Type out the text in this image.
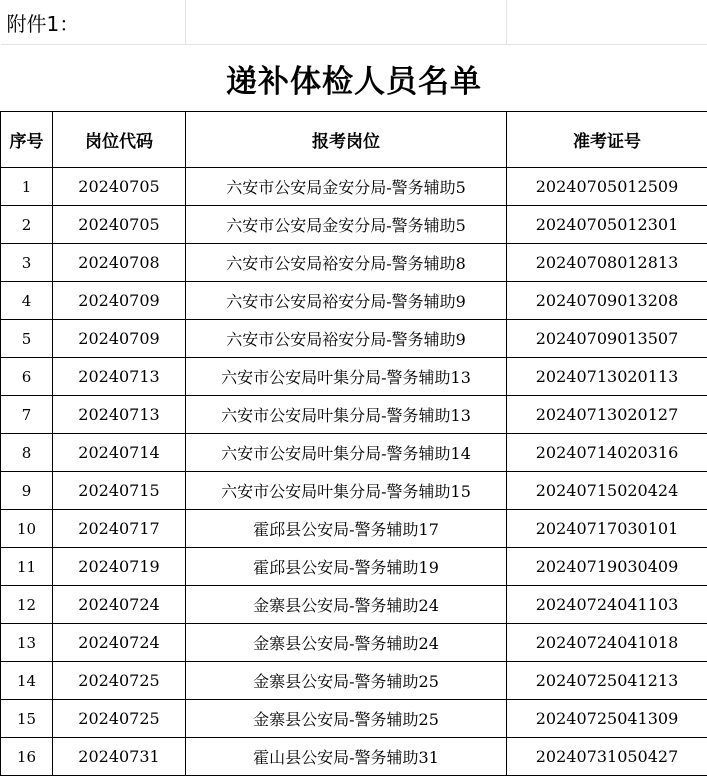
附件1：			
递补体检人员名单			
序号	岗位代码	报考岗位	准考证号
1	20240705	六安市公安局金安分局-警务辅助5	20240705012509
2	20240705	六安市公安局金安分局-警务辅助5	20240705012301
3	20240708	六安市公安局裕安分局-警务辅助8	20240708012813
4	20240709	六安市公安局裕安分局-警务辅助9	20240709013208
5	20240709	六安市公安局裕安分局-警务辅助9	20240709013507
6	20240713	六安市公安局叶集分局-警务辅助13	20240713020113
7	20240713	六安市公安局叶集分局-警务辅助13	20240713020127
8	20240714	六安市公安局叶集分局-警务辅助14	20240714020316
9	20240715	六安市公安局叶集分局-警务辅助15	20240715020424
10	20240717	霍邱县公安局-警务辅助17	20240717030101
11	20240719	霍邱县公安局-警务辅助19	20240719030409
12	20240724	金寨县公安局-警务辅助24	20240724041103
13	20240724	金寨县公安局-警务辅助24	20240724041018
14	20240725	金寨县公安局-警务辅助25	20240725041213
15	20240725	金寨县公安局-警务辅助25	20240725041309
16	20240731	霍山县公安局-警务辅助31	20240731050427
